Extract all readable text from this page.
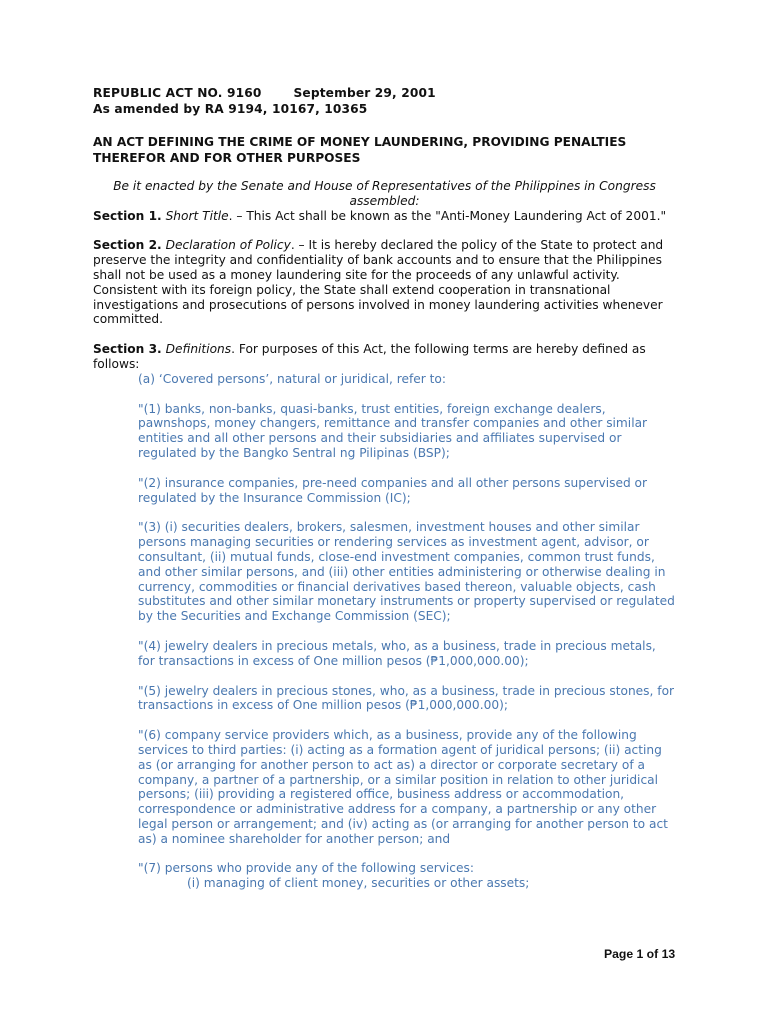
REPUBLIC ACT NO. 9160	September 29, 2001
As amended by RA 9194, 10167, 10365
AN ACT DEFINING THE CRIME OF MONEY LAUNDERING, PROVIDING PENALTIES THEREFOR AND FOR OTHER PURPOSES
Be it enacted by the Senate and House of Representatives of the Philippines in Congress assembled:

Section 1. Short Title. – This Act shall be known as the "Anti-Money Laundering Act of 2001."

Section 2. Declaration of Policy. – It is hereby declared the policy of the State to protect and preserve the integrity and confidentiality of bank accounts and to ensure that the Philippines shall not be used as a money laundering site for the proceeds of any unlawful activity. Consistent with its foreign policy, the State shall extend cooperation in transnational investigations and prosecutions of persons involved in money laundering activities whenever committed.

Section 3. Definitions. For purposes of this Act, the following terms are hereby defined as follows:

(a) ‘Covered persons’, natural or juridical, refer to:

"(1) banks, non-banks, quasi-banks, trust entities, foreign exchange dealers, pawnshops, money changers, remittance and transfer companies and other similar entities and all other persons and their subsidiaries and affiliates supervised or regulated by the Bangko Sentral ng Pilipinas (BSP);

"(2) insurance companies, pre-need companies and all other persons supervised or regulated by the Insurance Commission (IC);

"(3) (i) securities dealers, brokers, salesmen, investment houses and other similar persons managing securities or rendering services as investment agent, advisor, or consultant, (ii) mutual funds, close-end investment companies, common trust funds, and other similar persons, and (iii) other entities administering or otherwise dealing in currency, commodities or financial derivatives based thereon, valuable objects, cash substitutes and other similar monetary instruments or property supervised or regulated by the Securities and Exchange Commission (SEC);

"(4) jewelry dealers in precious metals, who, as a business, trade in precious metals, for transactions in excess of One million pesos (₱1,000,000.00);

"(5) jewelry dealers in precious stones, who, as a business, trade in precious stones, for transactions in excess of One million pesos (₱1,000,000.00);

"(6) company service providers which, as a business, provide any of the following services to third parties: (i) acting as a formation agent of juridical persons; (ii) acting as (or arranging for another person to act as) a director or corporate secretary of a company, a partner of a partnership, or a similar position in relation to other juridical persons; (iii) providing a registered office, business address or accommodation, correspondence or administrative address for a company, a partnership or any other legal person or arrangement; and (iv) acting as (or arranging for another person to act as) a nominee shareholder for another person; and

"(7) persons who provide any of the following services:

(i) managing of client money, securities or other assets;

Page 1 of 13
